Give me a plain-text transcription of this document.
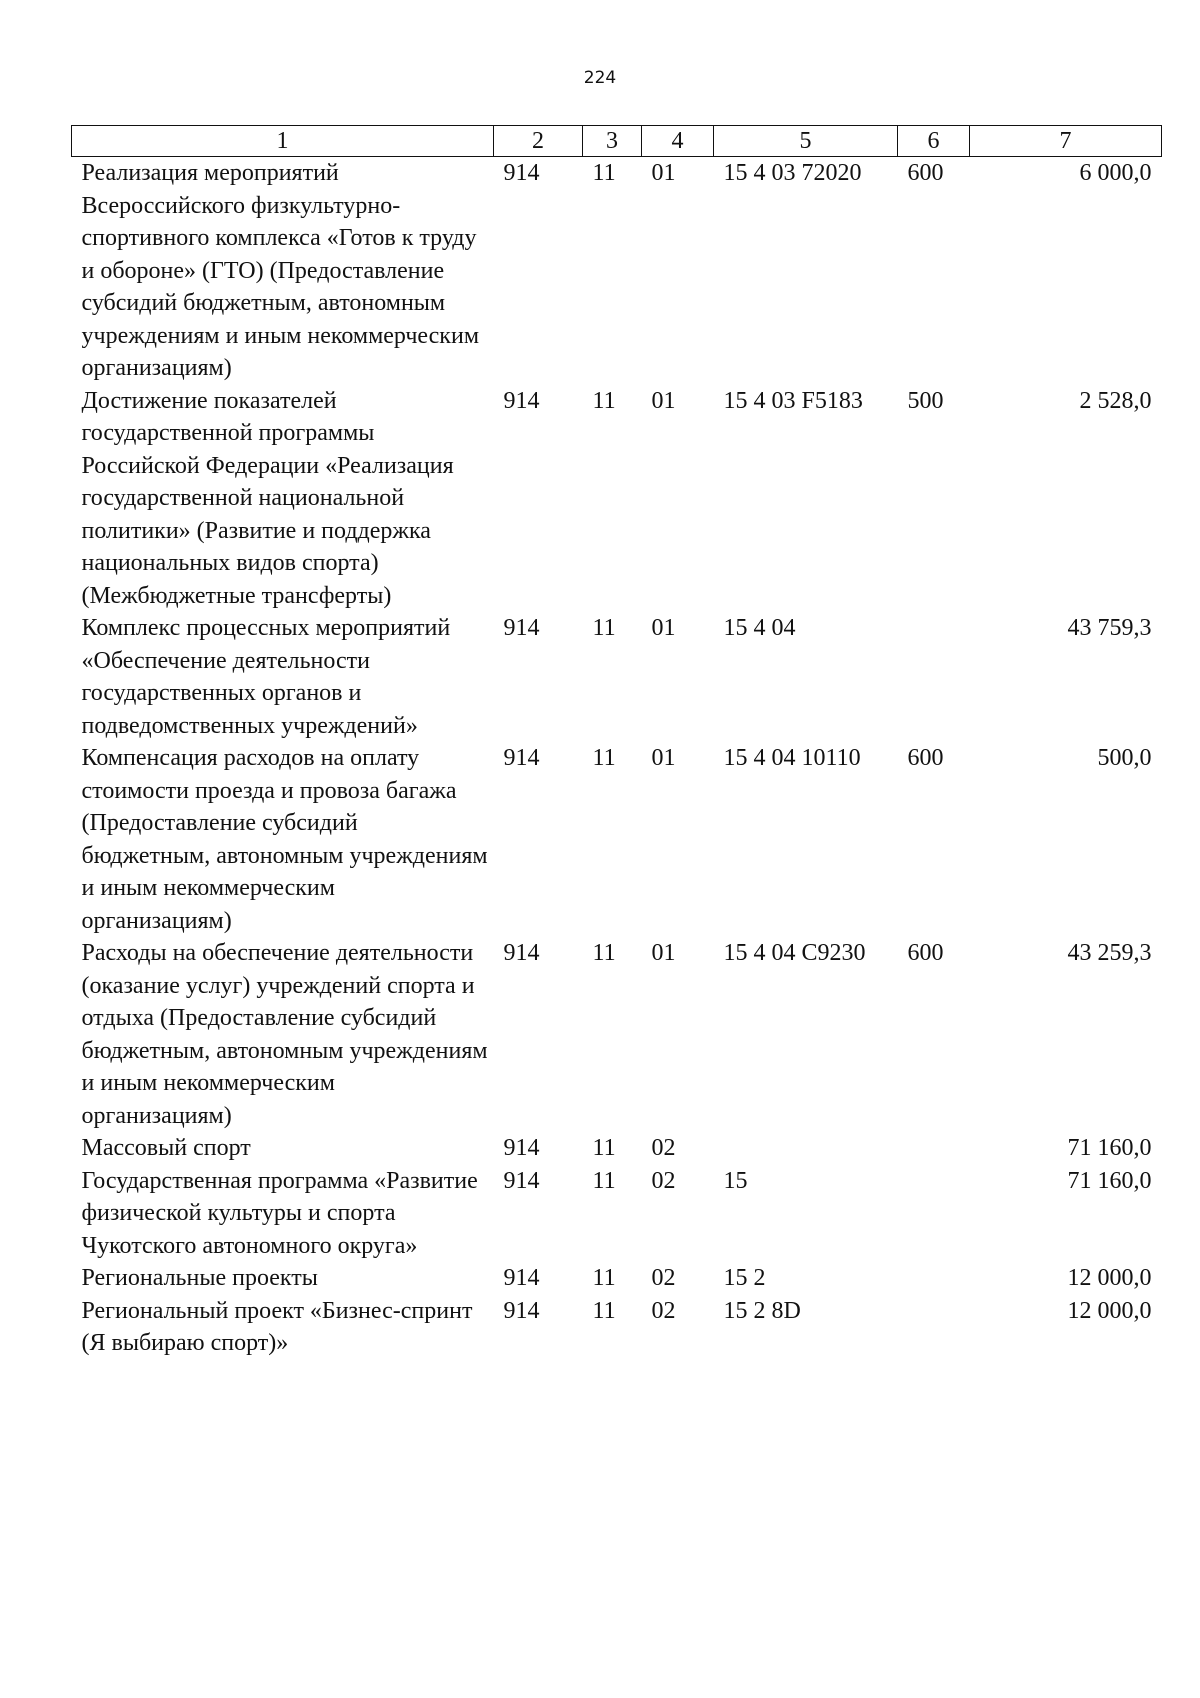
224
1	2	3	4	5	6	7
Реализация мероприятий Всероссийского физкультурно-спортивного комплекса «Готов к труду и обороне» (ГТО) (Предоставление субсидий бюджетным, автономным учреждениям и иным некоммерческим организациям)	914	11	01	15 4 03 72020	600	6 000,0
Достижение показателей государственной программы Российской Федерации «Реализация государственной национальной политики» (Развитие и поддержка национальных видов спорта) (Межбюджетные трансферты)	914	11	01	15 4 03 F5183	500	2 528,0
Комплекс процессных мероприятий «Обеспечение деятельности государственных органов и подведомственных учреждений»	914	11	01	15 4 04		43 759,3
Компенсация расходов на оплату стоимости проезда и провоза багажа (Предоставление субсидий бюджетным, автономным учреждениям и иным некоммерческим организациям)	914	11	01	15 4 04 10110	600	500,0
Расходы на обеспечение деятельности (оказание услуг) учреждений спорта и отдыха (Предоставление субсидий бюджетным, автономным учреждениям и иным некоммерческим организациям)	914	11	01	15 4 04 C9230	600	43 259,3
Массовый спорт	914	11	02			71 160,0
Государственная программа «Развитие физической культуры и спорта Чукотского автономного округа»	914	11	02	15		71 160,0
Региональные проекты	914	11	02	15 2		12 000,0
Региональный проект «Бизнес-спринт (Я выбираю спорт)»	914	11	02	15 2 8D		12 000,0
